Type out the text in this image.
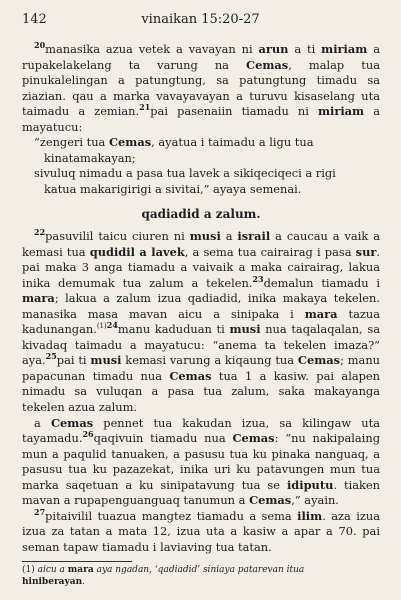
142	vinaikan 15:20-27

$^{20}$manasika azua vetek a vavayan ni arun a ti miriam a rupakelakelang ta varung na Cemas, malap tua pinukalelingan a patungtung, sa patungtung timadu sa ziazian. qau a marka vavayavayan a turuvu kisaselang uta taimadu a zemian.$^{21}$pai pasenaiin tiamadu ni miriam a mayatucu:

“zengeri tua Cemas, ayatua i taimadu a ligu tua

kinatamakayan;

sivuluq nimadu a pasa tua lavek a sikiqeciqeci a rigi

katua makarigirigi a sivitai,” ayaya semenai.

qadiadid a zalum.

$^{22}$pasuvilil taicu ciuren ni musi a israil a caucau a vaik a kemasi tua qudidil a lavek, a sema tua cairairag i pasa sur. pai maka 3 anga tiamadu a vaivaik a maka cairairag, lakua inika demumak tua zalum a tekelen.$^{23}$demalun tiamadu i mara; lakua a zalum izua qadiadid, inika makaya tekelen. manasika masa mavan aicu a sinipaka i mara tazua kadunangan.$^{(1)24}$manu kaduduan ti musi nua taqalaqalan, sa kivadaq taimadu a mayatucu: “anema ta tekelen imaza?” aya.$^{25}$pai ti musi kemasi varung a kiqaung tua Cemas; manu papacunan timadu nua Cemas tua 1 a kasiw. pai alapen nimadu sa vuluqan a pasa tua zalum, saka makayanga tekelen azua zalum.

a Cemas pennet tua kakudan izua, sa kilingaw uta tayamadu.$^{26}$qaqivuin tiamadu nua Cemas: “nu nakipalaing mun a paqulid tanuaken, a pasusu tua ku pinaka nanguaq, a pasusu tua ku pazazekat, inika uri ku patavungen mun tua marka saqetuan a ku sinipatavung tua se idiputu. tiaken mavan a rupapenguanguaq tanumun a Cemas,” ayain.

$^{27}$pitaivilil tuazua mangtez tiamadu a sema ilim. aza izua izua za tatan a mata 12, izua uta a kasiw a apar a 70. pai seman tapaw tiamadu i laviaving tua tatan.

(1) aicu a mara aya ngadan, ‘qadiadid’ siniaya patarevan itua
hiniberayan.
